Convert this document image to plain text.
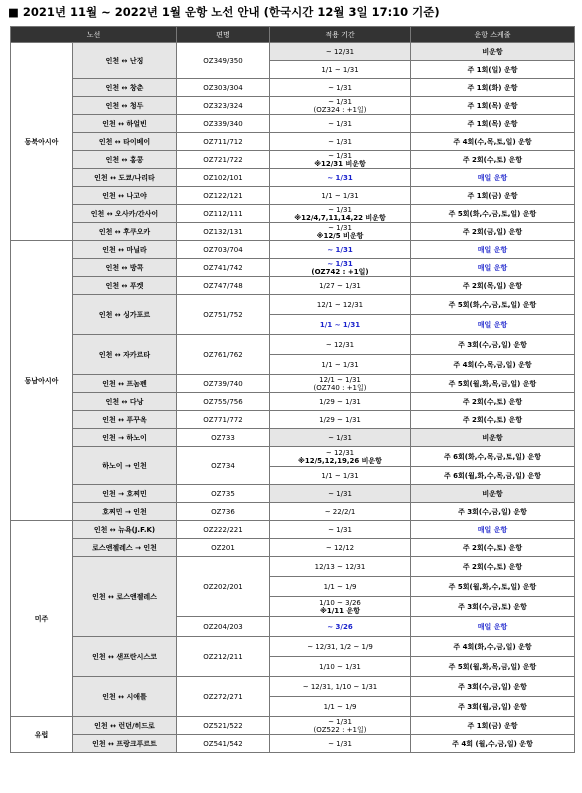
■ 2021년 11월 ~ 2022년 1월 운항 노선 안내 (한국시간 12월 3일 17:10 기준)
노선		편명	적용 기간	운항 스케줄
동북아시아	인천 ↔ 난징	OZ349/350	~ 12/31	비운항
			1/1 ~ 1/31	주 1회(일) 운항
	인천 ↔ 창춘	OZ303/304	~ 1/31	주 1회(화) 운항
	인천 ↔ 청두	OZ323/324	~ 1/31
(OZ324 : +1일)	주 1회(목) 운항
	인천 ↔ 하얼빈	OZ339/340	~ 1/31	주 1회(목) 운항
	인천 ↔ 타이베이	OZ711/712	~ 1/31	주 4회(수,목,토,일) 운항
	인천 ↔ 홍콩	OZ721/722	~ 1/31
※12/31 비운항	주 2회(수,토) 운항
	인천 ↔ 도쿄/나리타	OZ102/101	~ 1/31	매일 운항
	인천 ↔ 나고야	OZ122/121	1/1 ~ 1/31	주 1회(금) 운항
	인천 ↔ 오사카/간사이	OZ112/111	~ 1/31
※12/4,7,11,14,22 비운항	주 5회(화,수,금,토,일) 운항
	인천 ↔ 후쿠오카	OZ132/131	~ 1/31
※12/5 비운항	주 2회(금,일) 운항
동남아시아	인천 ↔ 마닐라	OZ703/704	~ 1/31	매일 운항
	인천 ↔ 방콕	OZ741/742	~ 1/31
(OZ742 : +1일)	매일 운항
	인천 ↔ 푸켓	OZ747/748	1/27 ~ 1/31	주 2회(목,일) 운항
	인천 ↔ 싱가포르	OZ751/752	12/1 ~ 12/31	주 5회(화,수,금,토,일) 운항
			1/1 ~ 1/31	매일 운항
	인천 ↔ 자카르타	OZ761/762	~ 12/31	주 3회(수,금,일) 운항
			1/1 ~ 1/31	주 4회(수,목,금,일) 운항
	인천 ↔ 프놈펜	OZ739/740	12/1 ~ 1/31
(OZ740 : +1일)	주 5회(월,화,목,금,일) 운항
	인천 ↔ 다낭	OZ755/756	1/29 ~ 1/31	주 2회(수,토) 운항
	인천 ↔ 푸꾸옥	OZ771/772	1/29 ~ 1/31	주 2회(수,토) 운항
	인천 → 하노이	OZ733	~ 1/31	비운항
	하노이 → 인천	OZ734	~ 12/31
※12/5,12,19,26 비운항	주 6회(화,수,목,금,토,일) 운항
			1/1 ~ 1/31	주 6회(월,화,수,목,금,일) 운항
	인천 → 호찌민	OZ735	~ 1/31	비운항
	호찌민 → 인천	OZ736	~ 22/2/1	주 3회(수,금,일) 운항
미주	인천 ↔ 뉴욕(J.F.K)	OZ222/221	~ 1/31	매일 운항
	로스앤젤레스 → 인천	OZ201	~ 12/12	주 2회(수,토) 운항
	인천 ↔ 로스앤젤레스	OZ202/201	12/13 ~ 12/31	주 2회(수,토) 운항
			1/1 ~ 1/9	주 5회(월,화,수,토,일) 운항

			1/10 ~ 3/26
※1/11 운항	주 3회(수,금,토) 운항
		OZ204/203	~ 3/26	매일 운항
	인천 ↔ 샌프란시스코	OZ212/211	~ 12/31, 1/2 ~ 1/9	주 4회(화,수,금,일) 운항
			1/10 ~ 1/31	주 5회(월,화,목,금,일) 운항
	인천 ↔ 시애틀	OZ272/271	~ 12/31, 1/10 ~ 1/31	주 3회(수,금,일) 운항
			1/1 ~ 1/9	주 3회(월,금,일) 운항
유럽	인천 ↔ 런던/히드로	OZ521/522	~ 1/31
(OZ522 : +1일)	주 1회(금) 운항
	인천 ↔ 프랑크푸르트	OZ541/542	~ 1/31	주 4회 (월,수,금,일) 운항
